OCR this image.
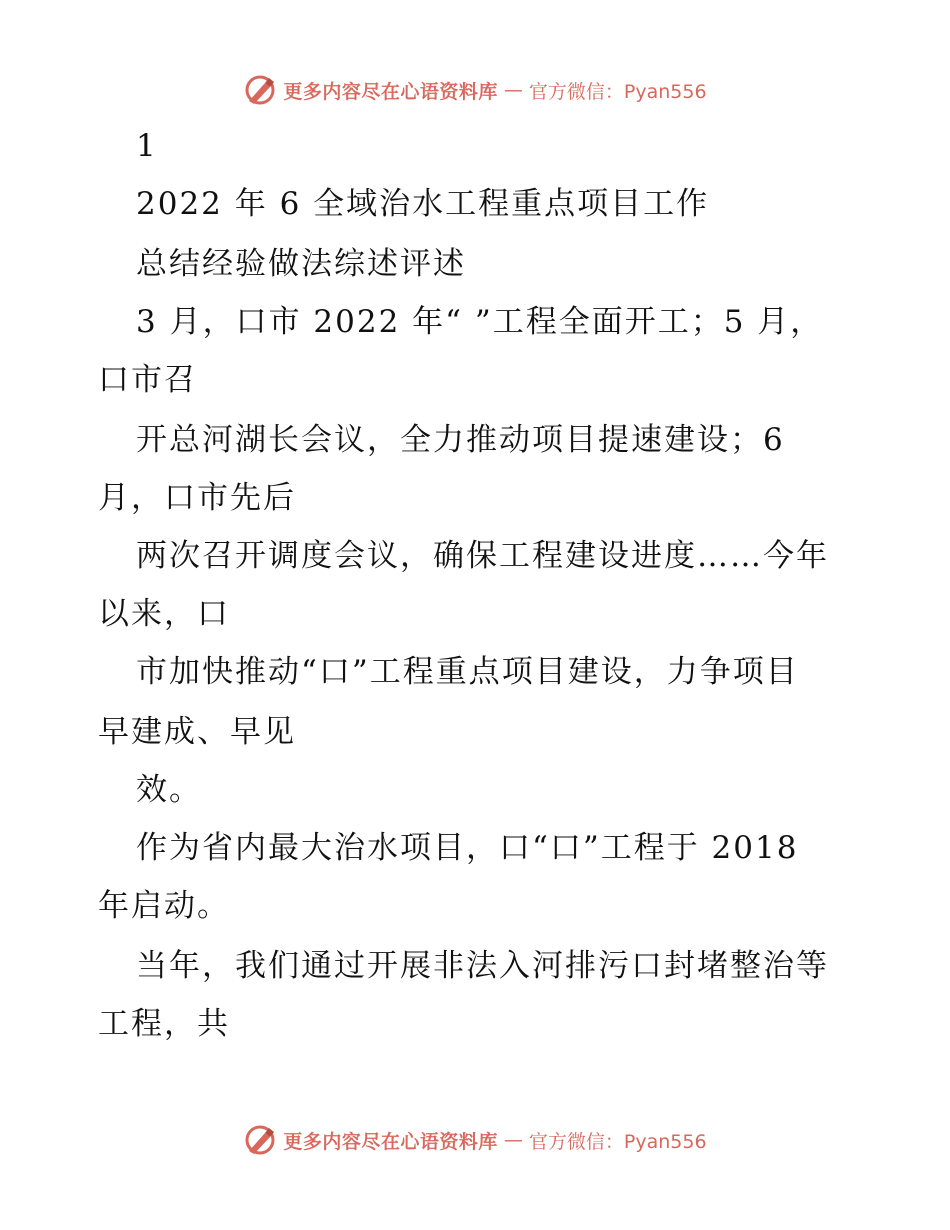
更多内容尽在心语资料库 — 官方微信：Pyan556
1
2022 年 6 全域治水工程重点项目工作
总结经验做法综述评述
3 月，口市 2022 年“ ”工程全面开工；5 月，
口市召
开总河湖长会议，全力推动项目提速建设；6
月，口市先后
两次召开调度会议，确保工程建设进度……今年
以来，口
市加快推动“口”工程重点项目建设，力争项目
早建成、早见
效。
作为省内最大治水项目，口“口”工程于 2018
年启动。
当年，我们通过开展非法入河排污口封堵整治等
工程，共
更多内容尽在心语资料库 — 官方微信：Pyan556
